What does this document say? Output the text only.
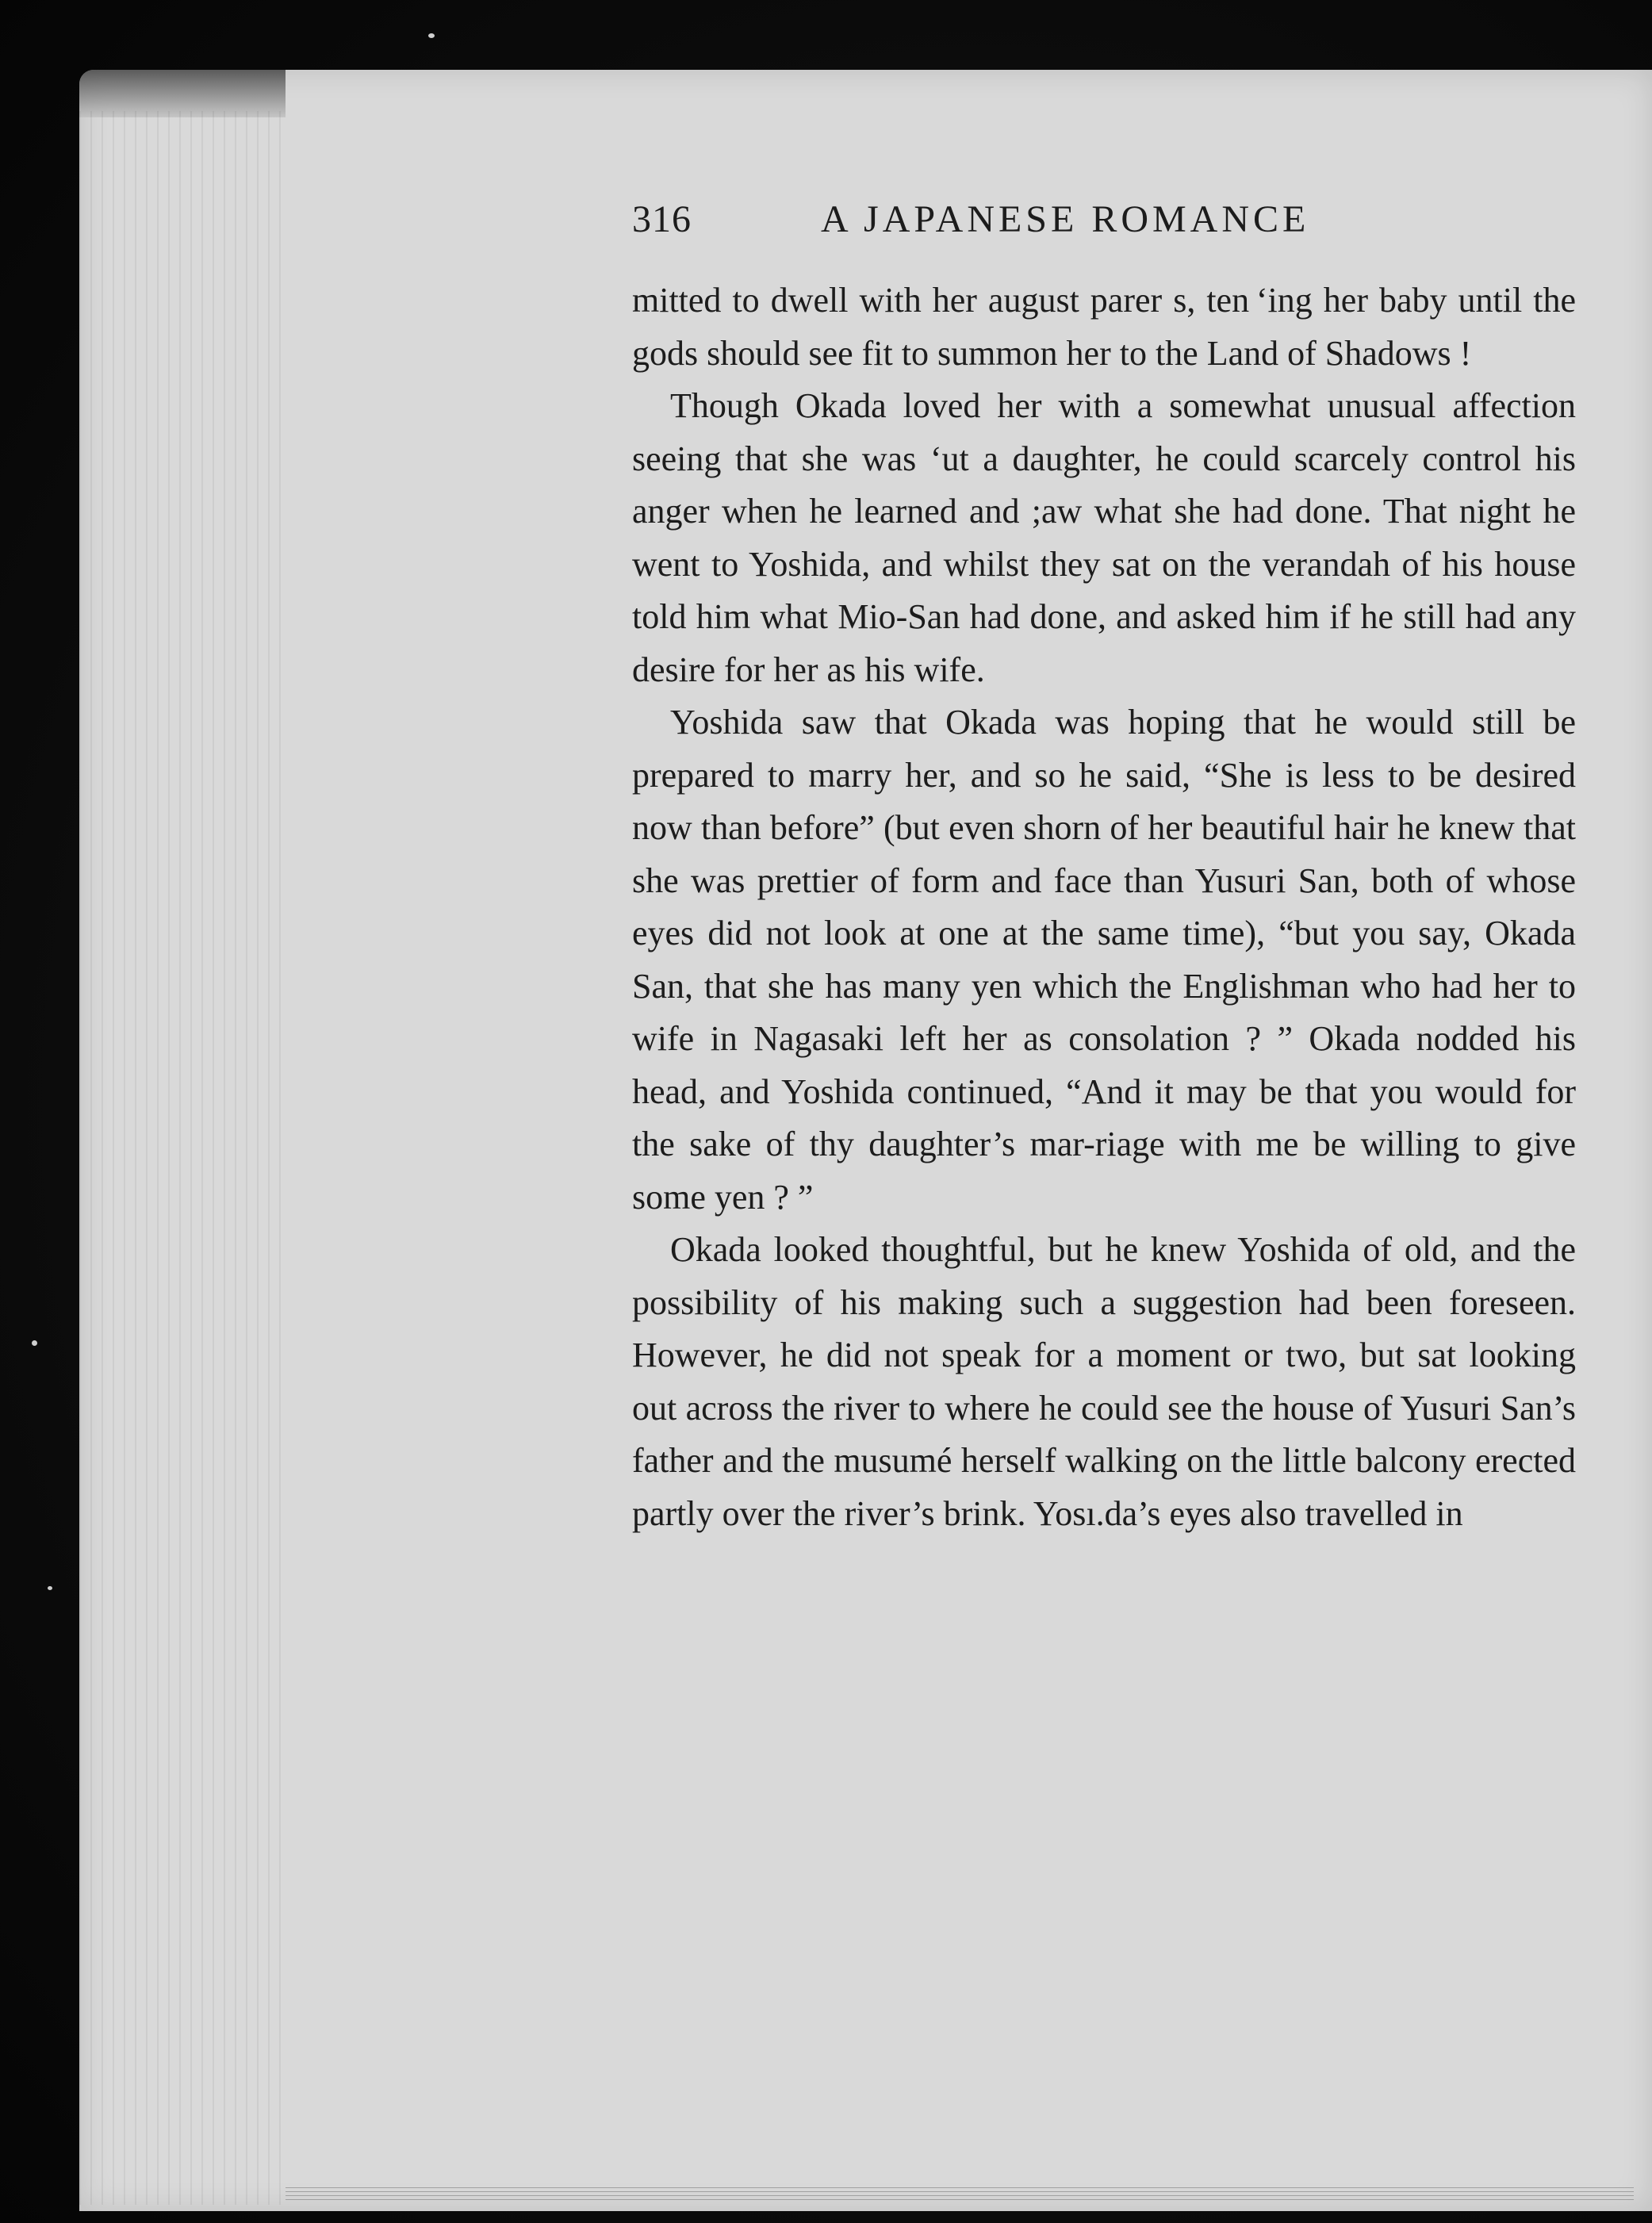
316	A JAPANESE ROMANCE

mitted to dwell with her august parer s, ten ‘ing her baby until the gods should see fit to summon her to the Land of Shadows !

Though Okada loved her with a somewhat unusual affection seeing that she was ‘ut a daughter, he could scarcely control his anger when he learned and ;aw what she had done. That night he went to Yoshida, and whilst they sat on the verandah of his house told him what Mio-San had done, and asked him if he still had any desire for her as his wife.

Yoshida saw that Okada was hoping that he would still be prepared to marry her, and so he said, “She is less to be desired now than before” (but even shorn of her beautiful hair he knew that she was prettier of form and face than Yusuri San, both of whose eyes did not look at one at the same time), “but you say, Okada San, that she has many yen which the Englishman who had her to wife in Nagasaki left her as consolation ? ” Okada nodded his head, and Yoshida continued, “And it may be that you would for the sake of thy daughter’s mar-riage with me be willing to give some yen ? ”

Okada looked thoughtful, but he knew Yoshida of old, and the possibility of his making such a suggestion had been foreseen. However, he did not speak for a moment or two, but sat looking out across the river to where he could see the house of Yusuri San’s father and the musumé herself walking on the little balcony erected partly over the river’s brink. Yosı.da’s eyes also travelled in
